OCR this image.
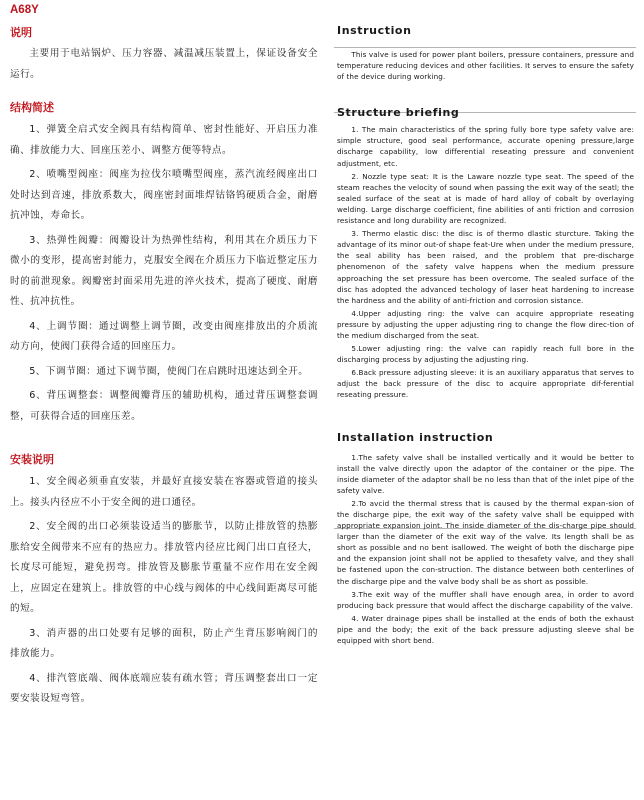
A68Y
说明

主要用于电站锅炉、压力容器、减温减压装置上，保证设备安全运行。

结构简述

1、弹簧全启式安全阀具有结构简单、密封性能好、开启压力准确、排放能力大、回座压差小、调整方便等特点。

2、喷嘴型阀座：阀座为拉伐尔喷嘴型阀座，蒸汽流经阀座出口处时达到音速，排放系数大，阀座密封面堆焊钴铬钨硬质合金，耐磨抗冲蚀，寿命长。

3、热弹性阀瓣：阀瓣设计为热弹性结构，利用其在介质压力下微小的变形，提高密封能力，克服安全阀在介质压力下临近整定压力时的前泄现象。阀瓣密封面采用先进的淬火技术，提高了硬度、耐磨性、抗冲抗性。

4、上调节圈：通过调整上调节圈，改变由阀座排放出的介质流动方向，使阀门获得合适的回座压力。

5、下调节圈：通过下调节圈，使阀门在启跳时迅速达到全开。

6、背压调整套：调整阀瓣背压的辅助机构，通过背压调整套调整，可获得合适的回座压差。

安装说明

1、安全阀必须垂直安装，并最好直接安装在容器或管道的接头上。接头内径应不小于安全阀的进口通径。

2、安全阀的出口必须装设适当的膨胀节，以防止排放管的热膨胀给安全阀带来不应有的热应力。排放管内径应比阀门出口直径大，长度尽可能短，避免拐弯。排放管及膨胀节重量不应作用在安全阀上，应固定在建筑上。排放管的中心线与阀体的中心线间距离尽可能的短。

3、消声器的出口处要有足够的面积，防止产生背压影响阀门的排放能力。

4、排汽管底端、阀体底端应装有疏水管；背压调整套出口一定要安装设短弯管。

Instruction

This valve is used for power plant boilers, pressure containers, pressure and temperature reducing devices and other facilities. It serves to ensure the safety of the device during working.

Structure briefing

1. The main characteristics of the spring fully bore type safety valve are: simple structure, good seal performance, accurate opening pressure,large discharge capability, low differential reseating pressure and convenient adjustment, etc.

2. Nozzle type seat: It is the Laware nozzle type seat. The speed of the steam reaches the velocity of sound when passing the exit way of the seatl; the sealed surface of the seat at is made of hard alloy of cobalt by overlaying welding. Large discharge coefficient, fine abilities of anti friction and corrosion resistance and long durability are recognized.

3. Thermo elastic disc: the disc is of thermo dlastic sturcture. Taking the advantage of its minor out-of shape feat-Ure when under the medium pressure, the seal ability has been raised, and the problem that pre-discharge phenomenon of the safety valve happens when the medium pressure approaching the set pressure has been overcome. The sealed surface of the disc has adopted the advanced techology of laser heat hardening to increase the hardness and the ability of anti-friction and corrosion sistance.

4.Upper adjusting ring: the valve can acquire appropriate reseating pressure by adjusting the upper adjusting ring to change the flow direc-tion of the medium discharged from the seat.

5.Lower adjusting ring: the valve can rapidly reach full bore in the discharging process by adjusting the adjusting ring.

6.Back pressure adjusting sleeve: it is an auxiliary apparatus that serves to adjust the back pressure of the disc to acquire appropriate dif-ferential reseating pressure.

Installation instruction

1.The safety valve shall be installed vertically and it would be better to install the valve directly upon the adaptor of the container or the pipe. The inside diameter of the adaptor shall be no less than that of the inlet pipe of the safety valve.

2.To avcid the thermal stress that is caused by the thermal expan-sion of the discharge pipe, the exit way of the safety valve shall be equipped with appropriate expansion joint. The inside diameter of the dis-charge pipe should larger than the diameter of the exit way of the valve. Its length shall be as short as possible and no bent isallowed. The weight of both the discharge pipe and the expansion joint shall not be applied to thesafety valve, and they shall be fastened upon the con-struction. The distance between both centerlines of the discharge pipe and the valve body shall be as short as possible.

3.The exit way of the muffler shall have enough area, in order to avord producing back pressure that would affect the discharge capability of the valve.

4. Water drainage pipes shall be installed at the ends of both the exhaust pipe and the body; the exit of the back pressure adjusting sleeve shal be equipped with short bend.
